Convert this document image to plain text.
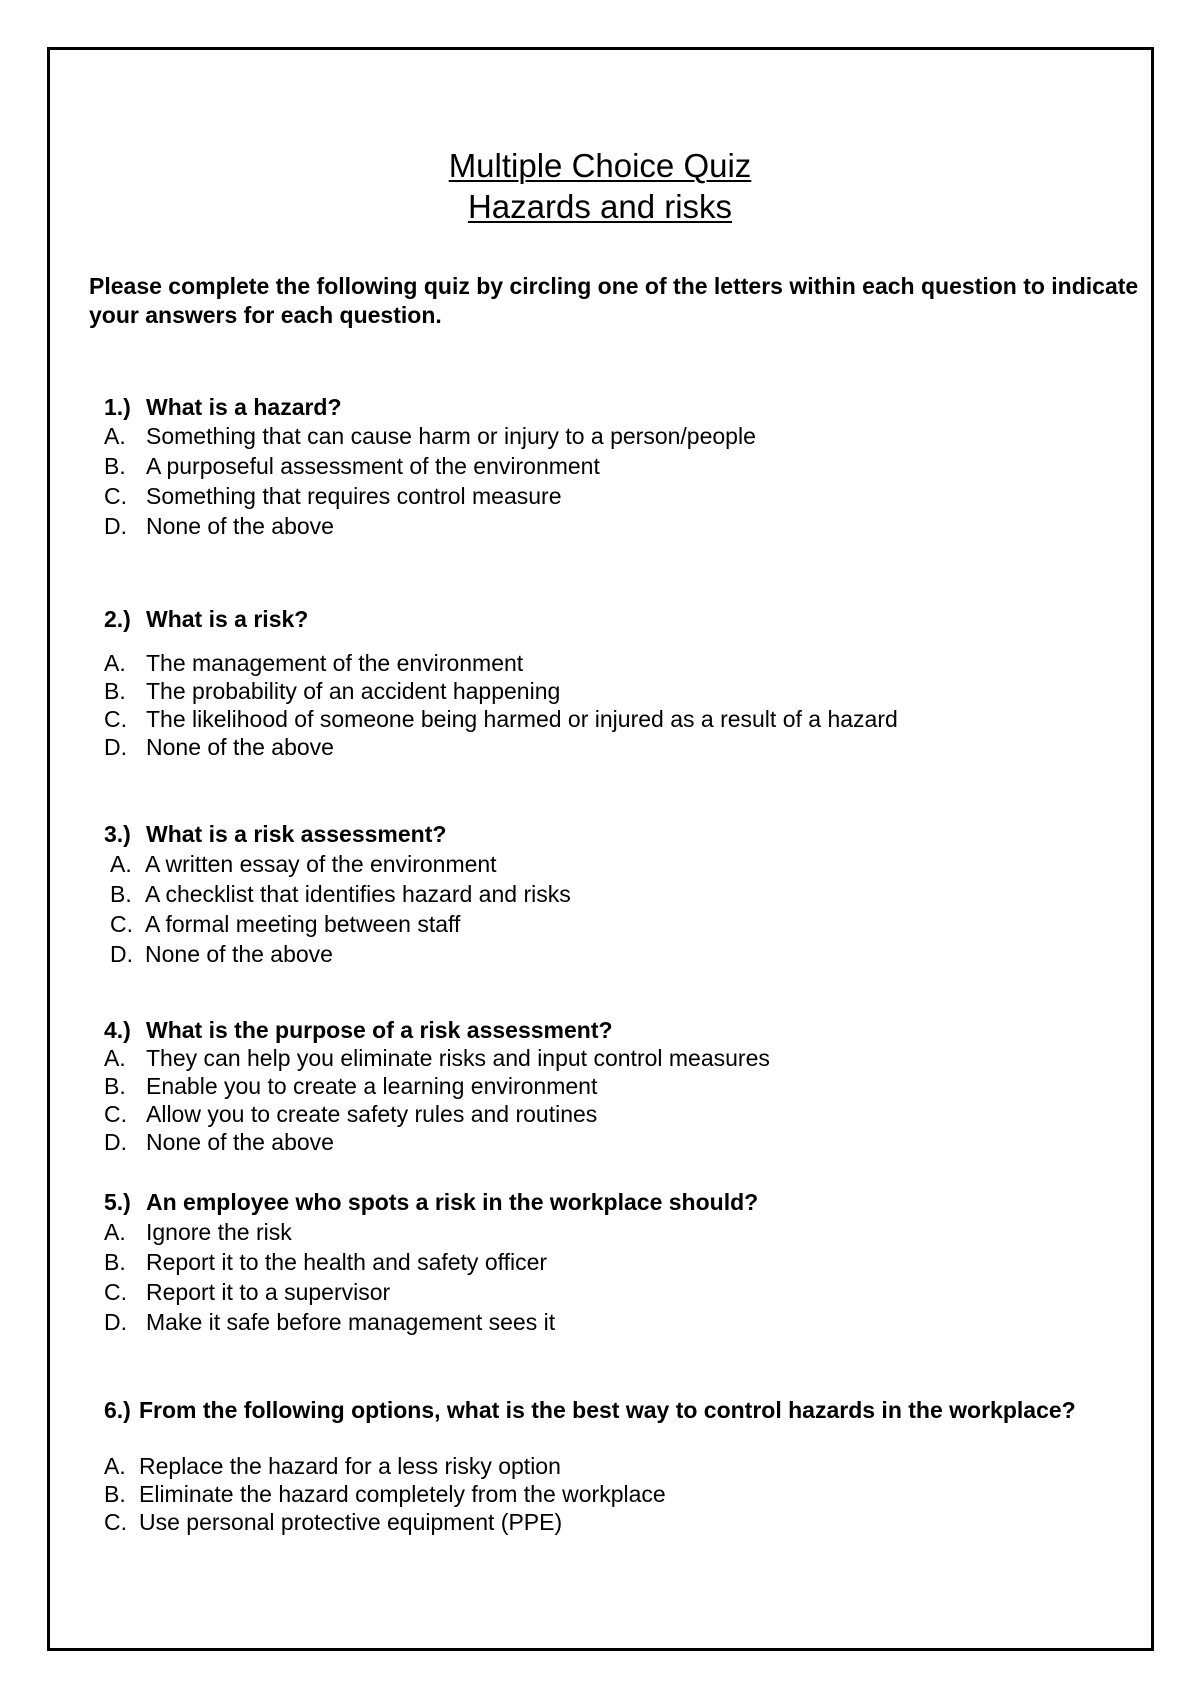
Multiple Choice Quiz
Hazards and risks
Please complete the following quiz by circling one of the letters within each question to indicate your answers for each question.
1.) What is a hazard?
A. Something that can cause harm or injury to a person/people
B. A purposeful assessment of the environment
C. Something that requires control measure
D. None of the above
2.) What is a risk?
A. The management of the environment
B. The probability of an accident happening
C. The likelihood of someone being harmed or injured as a result of a hazard
D. None of the above
3.) What is a risk assessment?
A. A written essay of the environment
B. A checklist that identifies hazard and risks
C. A formal meeting between staff
D. None of the above
4.) What is the purpose of a risk assessment?
A. They can help you eliminate risks and input control measures
B. Enable you to create a learning environment
C. Allow you to create safety rules and routines
D. None of the above
5.) An employee who spots a risk in the workplace should?
A. Ignore the risk
B. Report it to the health and safety officer
C. Report it to a supervisor
D. Make it safe before management sees it
6.) From the following options, what is the best way to control hazards in the workplace?
A. Replace the hazard for a less risky option
B. Eliminate the hazard completely from the workplace
C. Use personal protective equipment (PPE)
